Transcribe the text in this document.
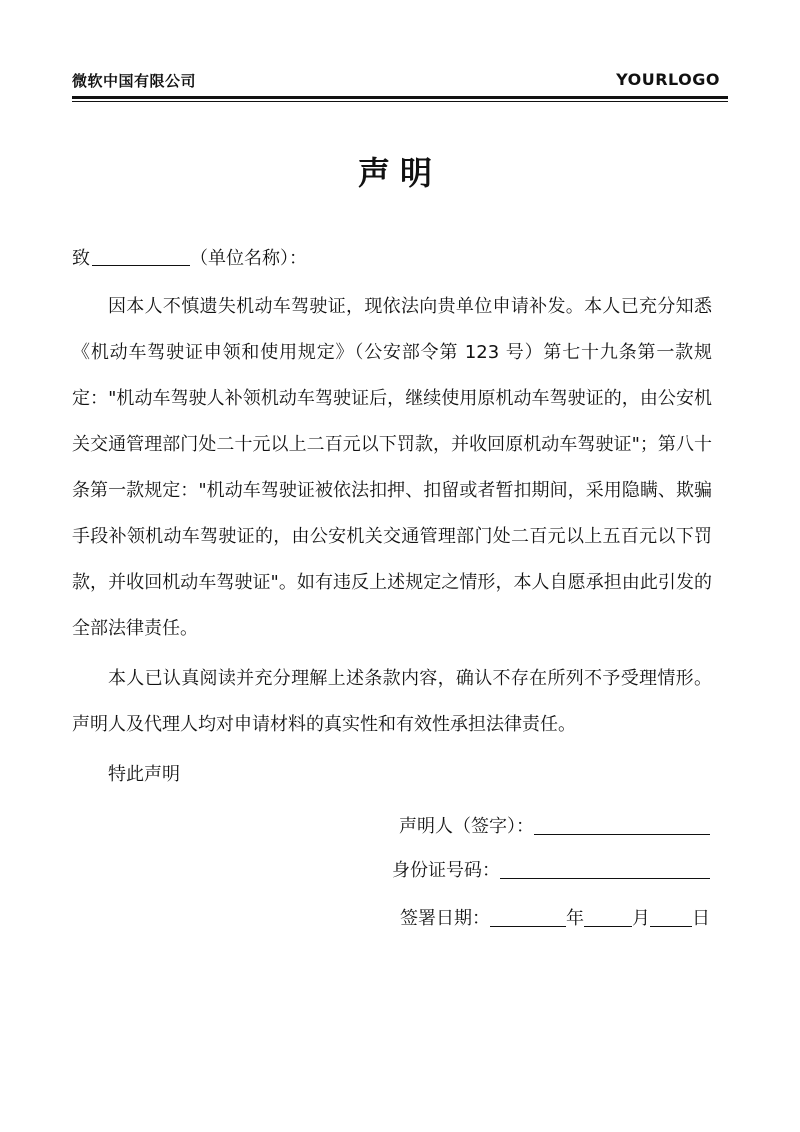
微软中国有限公司	YOURLOGO
声明
致	（单位名称）：
因本人不慎遗失机动车驾驶证，现依法向贵单位申请补发。本人已充分知悉《机动车驾驶证申领和使用规定》（公安部令第 123 号）第七十九条第一款规定："机动车驾驶人补领机动车驾驶证后，继续使用原机动车驾驶证的，由公安机关交通管理部门处二十元以上二百元以下罚款，并收回原机动车驾驶证"；第八十条第一款规定："机动车驾驶证被依法扣押、扣留或者暂扣期间，采用隐瞒、欺骗手段补领机动车驾驶证的，由公安机关交通管理部门处二百元以上五百元以下罚款，并收回机动车驾驶证"。如有违反上述规定之情形，本人自愿承担由此引发的全部法律责任。
本人已认真阅读并充分理解上述条款内容，确认不存在所列不予受理情形。声明人及代理人均对申请材料的真实性和有效性承担法律责任。
特此声明
声明人（签字）：
身份证号码：
签署日期：	年	月 日
